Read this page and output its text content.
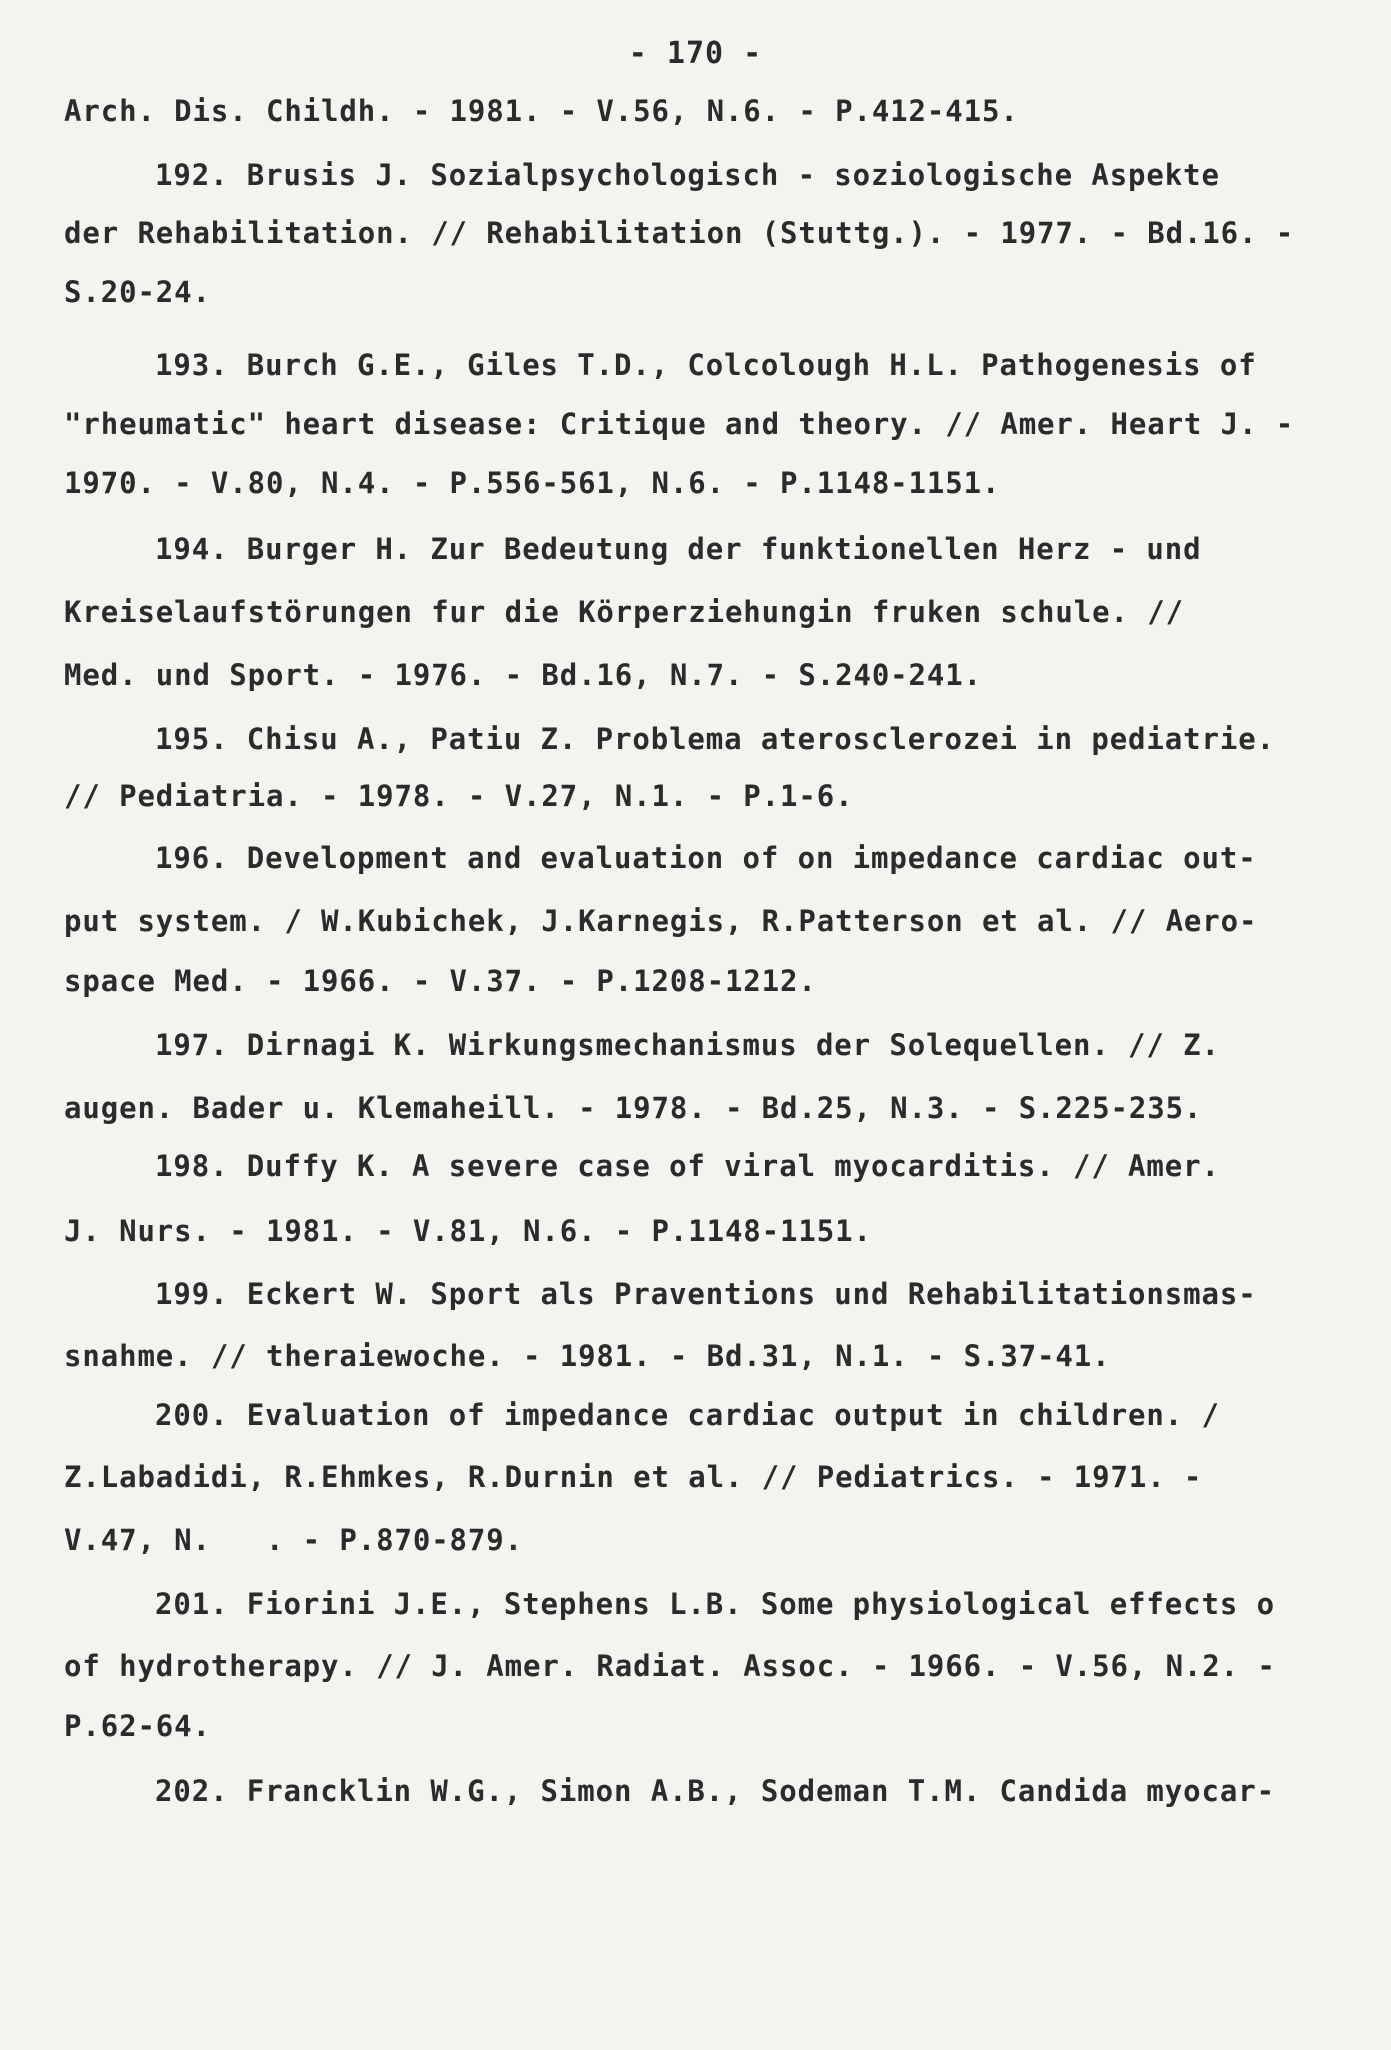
- 170 -
Arch. Dis. Childh. - 1981. - V.56, N.6. - P.412-415.
192. Brusis J. Sozialpsychologisch - soziologische Aspekte
der Rehabilitation. // Rehabilitation (Stuttg.). - 1977. - Bd.16. -
S.20-24.
193. Burch G.E., Giles T.D., Colcolough H.L. Pathogenesis of
"rheumatic" heart disease: Critique and theory. // Amer. Heart J. -
1970. - V.80, N.4. - P.556-561, N.6. - P.1148-1151.
194. Burger H. Zur Bedeutung der funktionellen Herz - und
Kreiselaufstörungen fur die Körperziehungin fruken schule. //
Med. und Sport. - 1976. - Bd.16, N.7. - S.240-241.
195. Chisu A., Patiu Z. Problema aterosclerozei in pediatrie.
// Pediatria. - 1978. - V.27, N.1. - P.1-6.
196. Development and evaluation of on impedance cardiac out-
put system. / W.Kubichek, J.Karnegis, R.Patterson et al. // Aero-
space Med. - 1966. - V.37. - P.1208-1212.
197. Dirnagi K. Wirkungsmechanismus der Solequellen. // Z.
augen. Bader u. Klemaheill. - 1978. - Bd.25, N.3. - S.225-235.
198. Duffy K. A severe case of viral myocarditis. // Amer.
J. Nurs. - 1981. - V.81, N.6. - P.1148-1151.
199. Eckert W. Sport als Praventions und Rehabilitationsmas-
snahme. // theraiewoche. - 1981. - Bd.31, N.1. - S.37-41.
200. Evaluation of impedance cardiac output in children. /
Z.Labadidi, R.Ehmkes, R.Durnin et al. // Pediatrics. - 1971. -
V.47, N.   . - P.870-879.
201. Fiorini J.E., Stephens L.B. Some physiological effects o
of hydrotherapy. // J. Amer. Radiat. Assoc. - 1966. - V.56, N.2. -
P.62-64.
202. Francklin W.G., Simon A.B., Sodeman T.M. Candida myocar-
